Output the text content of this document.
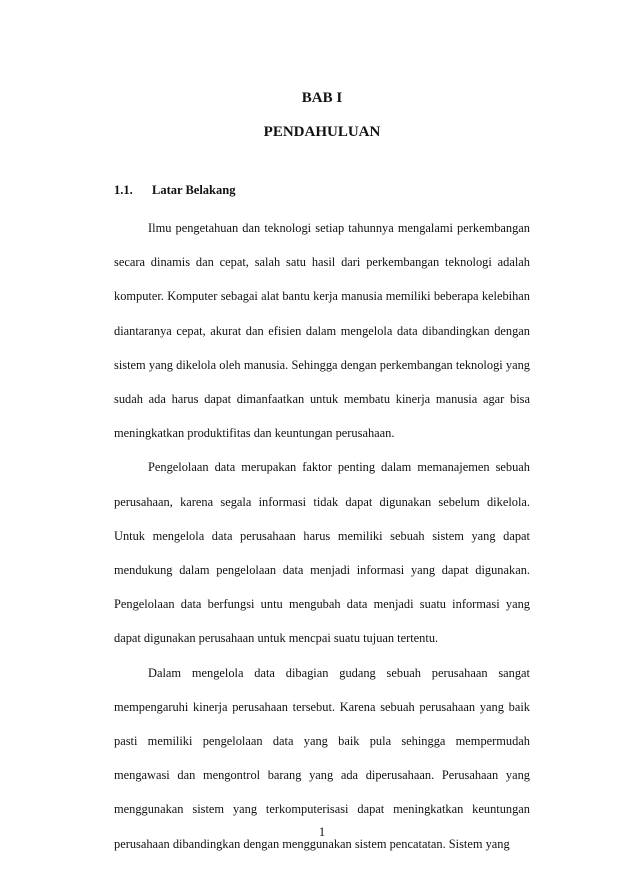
BAB I
PENDAHULUAN
1.1. Latar Belakang

Ilmu pengetahuan dan teknologi setiap tahunnya mengalami perkembangan secara dinamis dan cepat, salah satu hasil dari perkembangan teknologi adalah komputer. Komputer sebagai alat bantu kerja manusia memiliki beberapa kelebihan diantaranya cepat, akurat dan efisien dalam mengelola data dibandingkan dengan sistem yang dikelola oleh manusia. Sehingga dengan perkembangan teknologi yang sudah ada harus dapat dimanfaatkan untuk membatu kinerja manusia agar bisa meningkatkan produktifitas dan keuntungan perusahaan.

Pengelolaan data merupakan faktor penting dalam memanajemen sebuah perusahaan, karena segala informasi tidak dapat digunakan sebelum dikelola. Untuk mengelola data perusahaan harus memiliki sebuah sistem yang dapat mendukung dalam pengelolaan data menjadi informasi yang dapat digunakan. Pengelolaan data berfungsi untu mengubah data menjadi suatu informasi yang dapat digunakan perusahaan untuk mencpai suatu tujuan tertentu.

Dalam mengelola data dibagian gudang sebuah perusahaan sangat mempengaruhi kinerja perusahaan tersebut. Karena sebuah perusahaan yang baik pasti memiliki pengelolaan data yang baik pula sehingga mempermudah mengawasi dan mengontrol barang yang ada diperusahaan. Perusahaan yang menggunakan sistem yang terkomputerisasi dapat meningkatkan keuntungan perusahaan dibandingkan dengan menggunakan sistem pencatatan. Sistem yang

1
